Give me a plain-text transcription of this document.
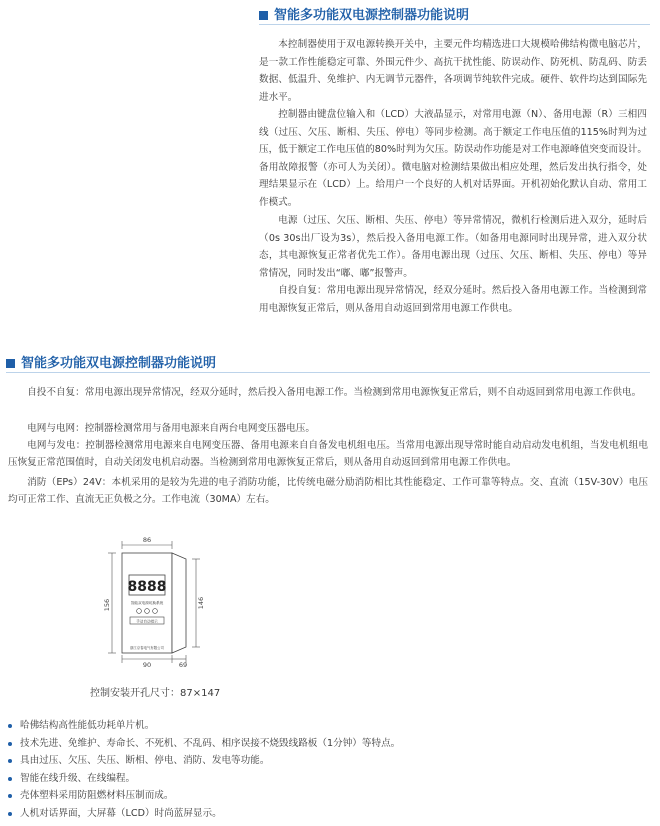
智能多功能双电源控制器功能说明

本控制器使用于双电源转换开关中，主要元件均精选进口大规模哈佛结构微电脑芯片，是一款工作性能稳定可靠、外围元件少、高抗干扰性能、防误动作、防死机、防乱码、防丢数据、低温升、免维护、内无调节元器件，各项调节纯软件完成。硬件、软件均达到国际先进水平。

控制器由键盘位输入和（LCD）大液晶显示，对常用电源（N）、备用电源（R）三相四线（过压、欠压、断相、失压、停电）等同步检测。高于额定工作电压值的115%时判为过压，低于额定工作电压值的80%时判为欠压。防误动作功能是对工作电源峰值突变而设计。备用故障报警（亦可人为关闭）。微电脑对检测结果做出相应处理，然后发出执行指令，处理结果显示在（LCD）上。给用户一个良好的人机对话界面。开机初始化默认自动、常用工作模式。

电源（过压、欠压、断相、失压、停电）等异常情况，微机行检测后进入双分，延时后（0s 30s出厂设为3s），然后投入备用电源工作。（如备用电源同时出现异常，进入双分状态，其电源恢复正常者优先工作）。备用电源出现（过压、欠压、断相、失压、停电）等异常情况，同时发出“嘟、嘟”报警声。

自投自复：常用电源出现异常情况，经双分延时。然后投入备用电源工作。当检测到常用电源恢复正常后，则从备用自动返回到常用电源工作供电。

智能多功能双电源控制器功能说明

自投不自复：常用电源出现异常情况，经双分延时，然后投入备用电源工作。当检测到常用电源恢复正常后，则不自动返回到常用电源工作供电。

电网与电网：控制器检测常用与备用电源来自两台电网变压器电压。

电网与发电：控制器检测常用电源来自电网变压器、备用电源来自自备发电机组电压。当常用电源出现导常时能自动启动发电机组，当发电机组电压恢复正常范围值时，自动关闭发电机启动器。当检测到常用电源恢复正常后，则从备用自动返回到常用电源工作供电。

消防（EPs）24V：本机采用的是较为先进的电子消防功能，比传统电磁分励消防相比其性能稳定、工作可靠等特点。交、直流（15V-30V）电压均可正常工作、直流无正负极之分。工作电流（30MA）左右。

86
8888
智能双电源切换系统
手动自动指示
浙江京春电气有限公司
156	146
90	69
控制安装开孔尺寸：87×147
哈佛结构高性能低功耗单片机。
技术先进、免维护、寿命长、不死机、不乱码、相序误接不烧毁线路板（1分钟）等特点。
具由过压、欠压、失压、断相、停电、消防、发电等功能。
智能在线升级、在线编程。
壳体塑料采用防阻燃材料压制而成。
人机对话界面，大屏幕（LCD）时尚蓝屏显示。
